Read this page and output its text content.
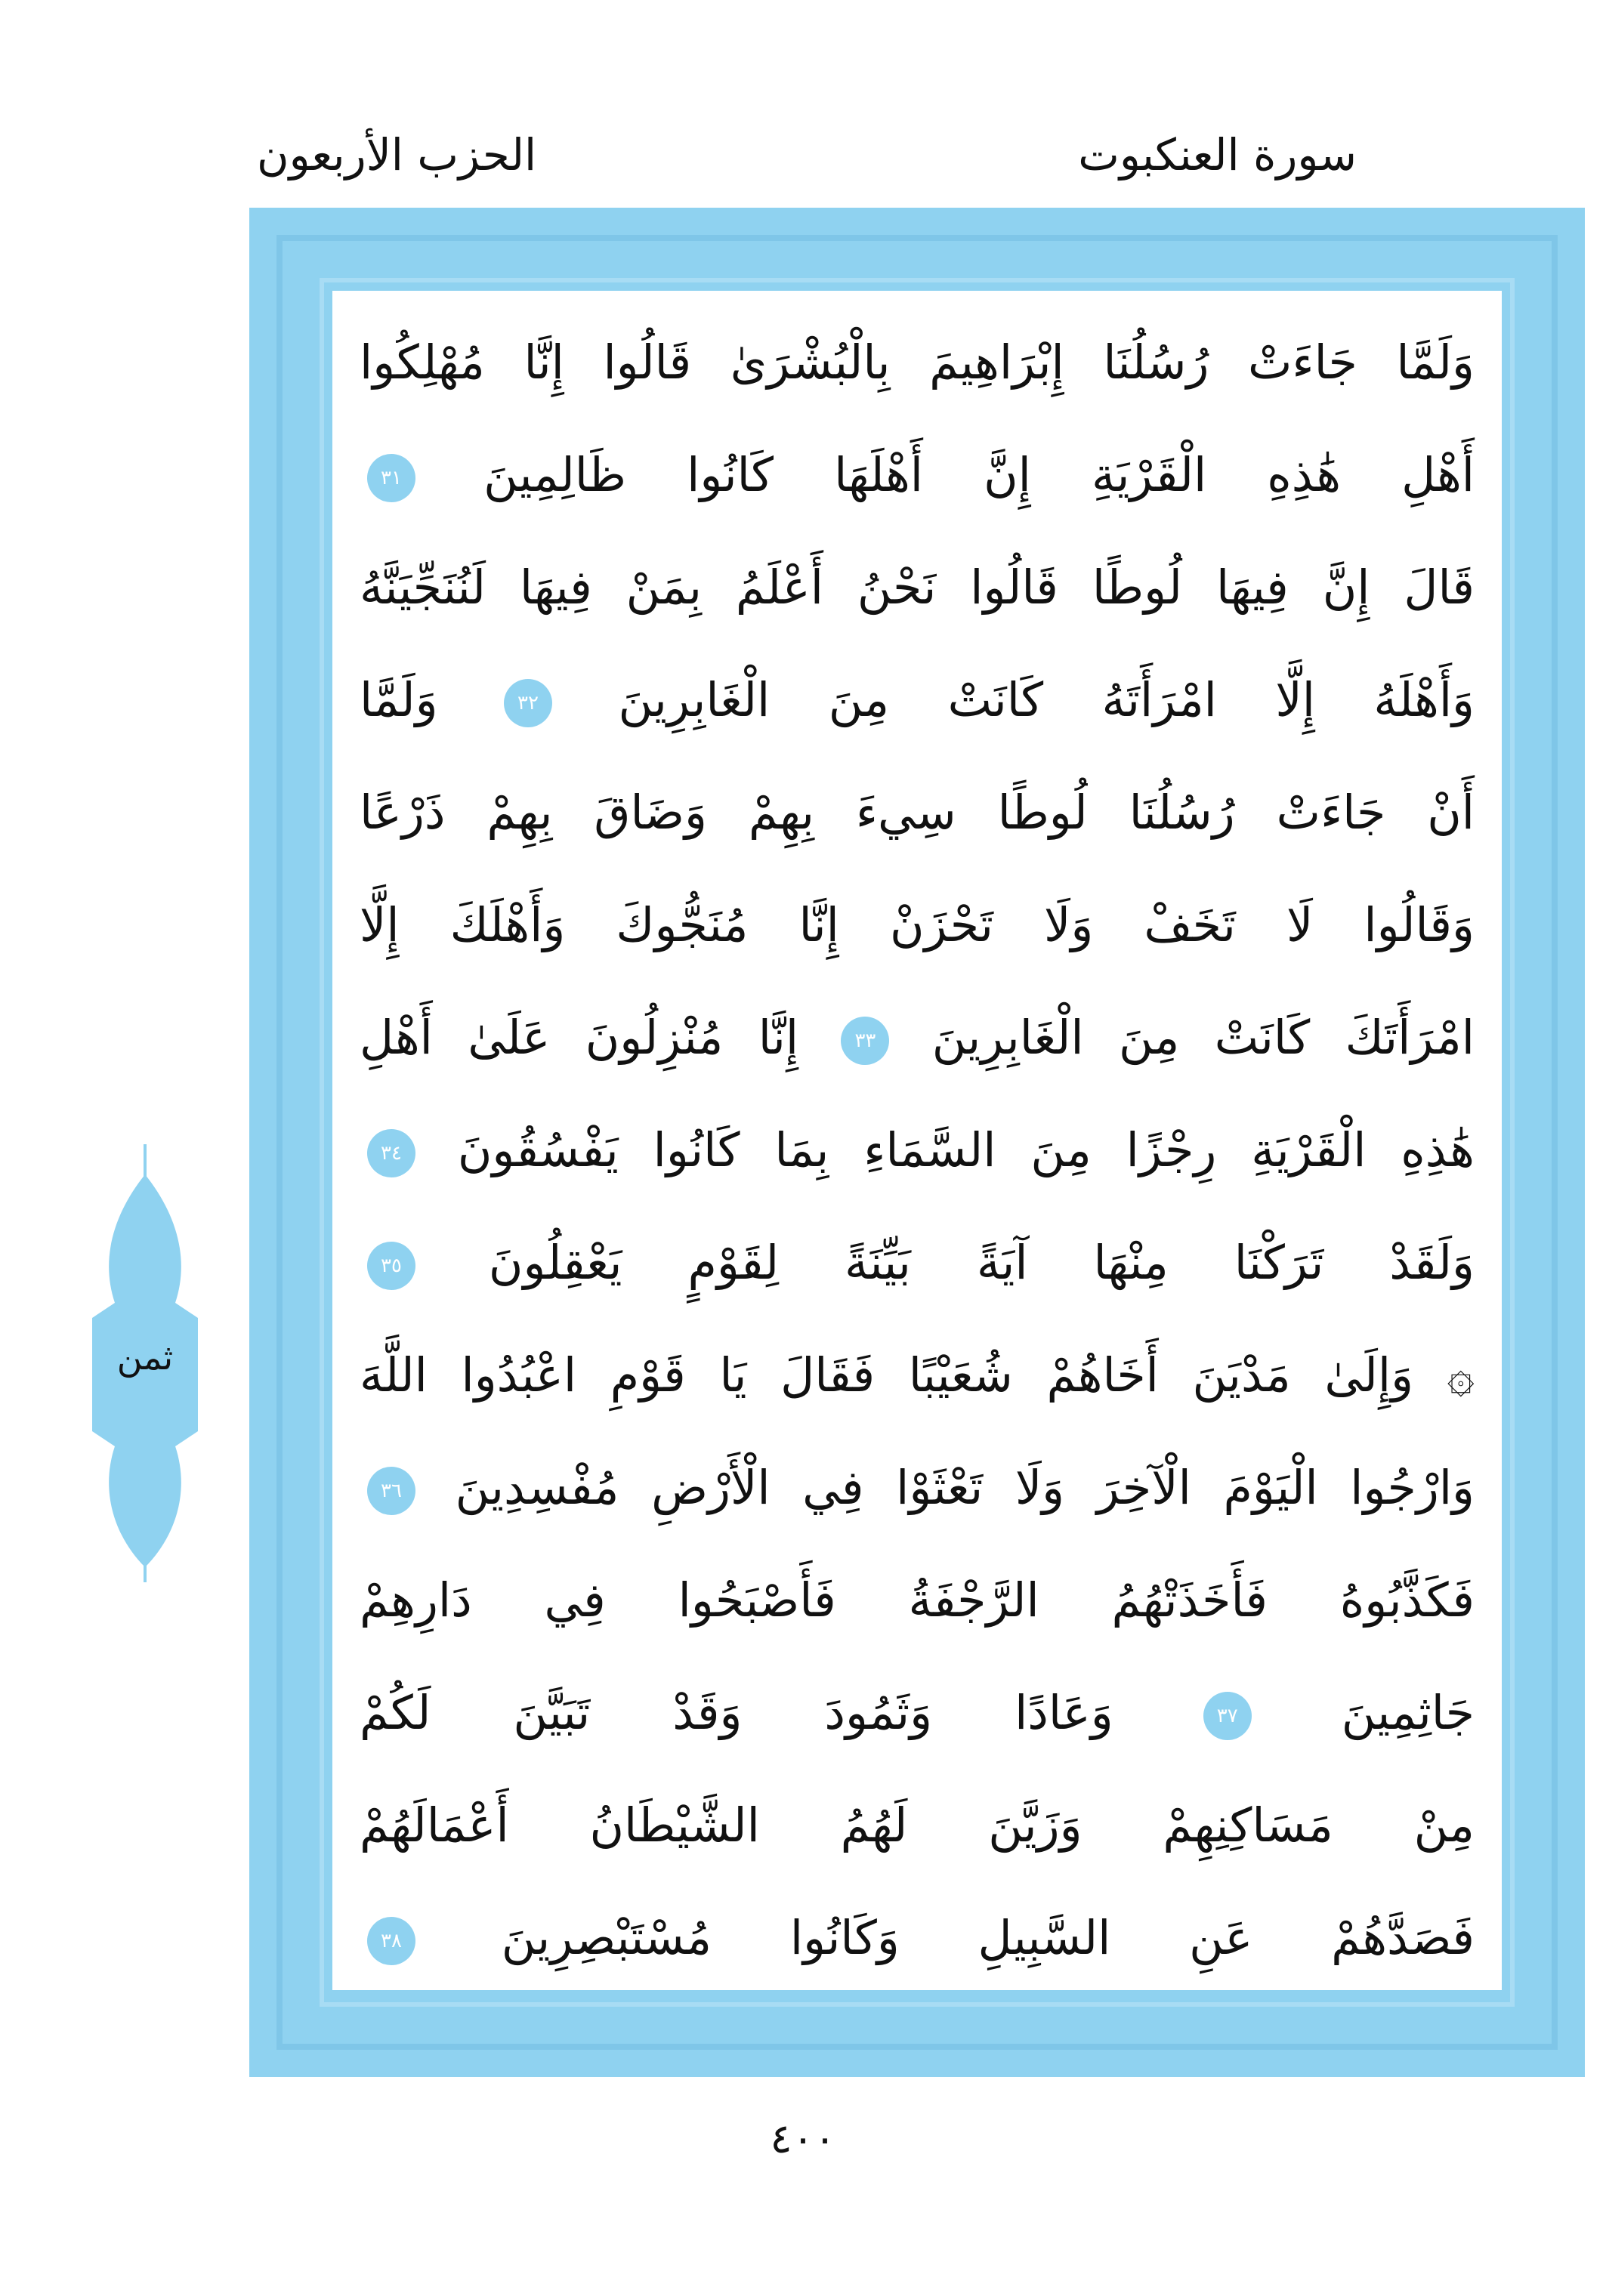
سورة العنكبوت
الحزب الأربعون
وَلَمَّا جَاءَتْ رُسُلُنَا إِبْرَاهِيمَ بِالْبُشْرَىٰ قَالُوا إِنَّا مُهْلِكُوا
أَهْلِ هَٰذِهِ الْقَرْيَةِ إِنَّ أَهْلَهَا كَانُوا ظَالِمِينَ ٣١
قَالَ إِنَّ فِيهَا لُوطًا قَالُوا نَحْنُ أَعْلَمُ بِمَنْ فِيهَا لَنُنَجِّيَنَّهُ
وَأَهْلَهُ إِلَّا امْرَأَتَهُ كَانَتْ مِنَ الْغَابِرِينَ ٣٢ وَلَمَّا
أَنْ جَاءَتْ رُسُلُنَا لُوطًا سِيءَ بِهِمْ وَضَاقَ بِهِمْ ذَرْعًا
وَقَالُوا لَا تَخَفْ وَلَا تَحْزَنْ إِنَّا مُنَجُّوكَ وَأَهْلَكَ إِلَّا
امْرَأَتَكَ كَانَتْ مِنَ الْغَابِرِينَ ٣٣ إِنَّا مُنْزِلُونَ عَلَىٰ أَهْلِ
هَٰذِهِ الْقَرْيَةِ رِجْزًا مِنَ السَّمَاءِ بِمَا كَانُوا يَفْسُقُونَ ٣٤
وَلَقَدْ تَرَكْنَا مِنْهَا آيَةً بَيِّنَةً لِقَوْمٍ يَعْقِلُونَ ٣٥
۞ وَإِلَىٰ مَدْيَنَ أَخَاهُمْ شُعَيْبًا فَقَالَ يَا قَوْمِ اعْبُدُوا اللَّهَ
وَارْجُوا الْيَوْمَ الْآخِرَ وَلَا تَعْثَوْا فِي الْأَرْضِ مُفْسِدِينَ ٣٦
فَكَذَّبُوهُ فَأَخَذَتْهُمُ الرَّجْفَةُ فَأَصْبَحُوا فِي دَارِهِمْ
جَاثِمِينَ ٣٧ وَعَادًا وَثَمُودَ وَقَدْ تَبَيَّنَ لَكُمْ
مِنْ مَسَاكِنِهِمْ وَزَيَّنَ لَهُمُ الشَّيْطَانُ أَعْمَالَهُمْ
فَصَدَّهُمْ عَنِ السَّبِيلِ وَكَانُوا مُسْتَبْصِرِينَ ٣٨
ثمن
٤٠٠
